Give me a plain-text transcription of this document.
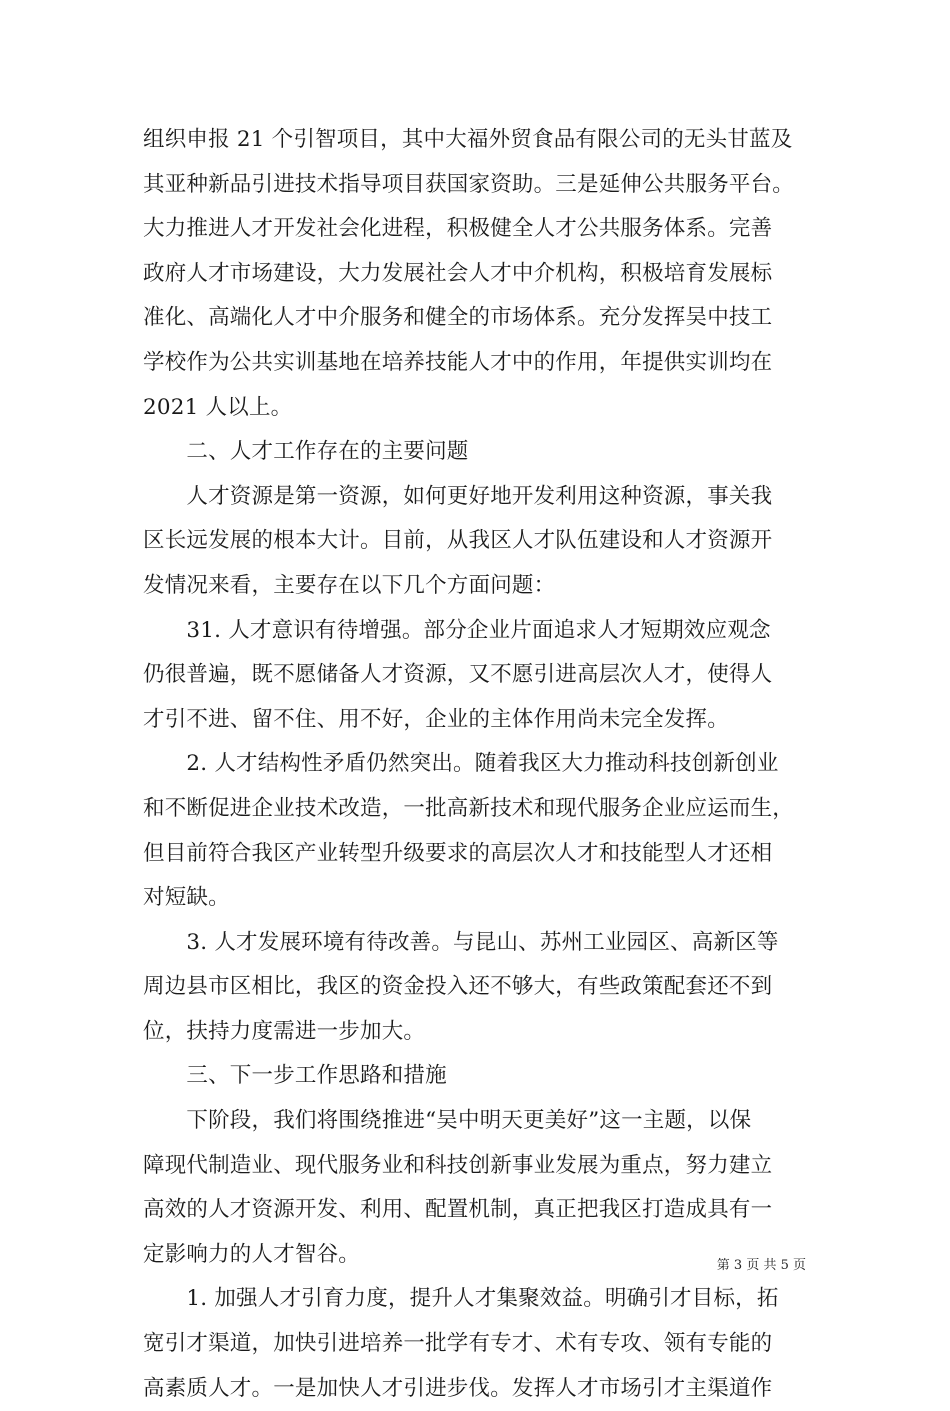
组织申报 21 个引智项目，其中大福外贸食品有限公司的无头甘蓝及
其亚种新品引进技术指导项目获国家资助。三是延伸公共服务平台。
大力推进人才开发社会化进程，积极健全人才公共服务体系。完善
政府人才市场建设，大力发展社会人才中介机构，积极培育发展标
准化、高端化人才中介服务和健全的市场体系。充分发挥吴中技工
学校作为公共实训基地在培养技能人才中的作用，年提供实训均在
2021 人以上。
　　二、人才工作存在的主要问题
　　人才资源是第一资源，如何更好地开发利用这种资源，事关我
区长远发展的根本大计。目前，从我区人才队伍建设和人才资源开
发情况来看，主要存在以下几个方面问题：
　　31. 人才意识有待增强。部分企业片面追求人才短期效应观念
仍很普遍，既不愿储备人才资源，又不愿引进高层次人才，使得人
才引不进、留不住、用不好，企业的主体作用尚未完全发挥。
　　2. 人才结构性矛盾仍然突出。随着我区大力推动科技创新创业
和不断促进企业技术改造，一批高新技术和现代服务企业应运而生，
但目前符合我区产业转型升级要求的高层次人才和技能型人才还相
对短缺。
　　3. 人才发展环境有待改善。与昆山、苏州工业园区、高新区等
周边县市区相比，我区的资金投入还不够大，有些政策配套还不到
位，扶持力度需进一步加大。
　　三、下一步工作思路和措施
　　下阶段，我们将围绕推进“吴中明天更美好”这一主题，以保
障现代制造业、现代服务业和科技创新事业发展为重点，努力建立
高效的人才资源开发、利用、配置机制，真正把我区打造成具有一
定影响力的人才智谷。
　　1. 加强人才引育力度，提升人才集聚效益。明确引才目标，拓
宽引才渠道，加快引进培养一批学有专才、术有专攻、领有专能的
高素质人才。一是加快人才引进步伐。发挥人才市场引才主渠道作
第 3 页 共 5 页
